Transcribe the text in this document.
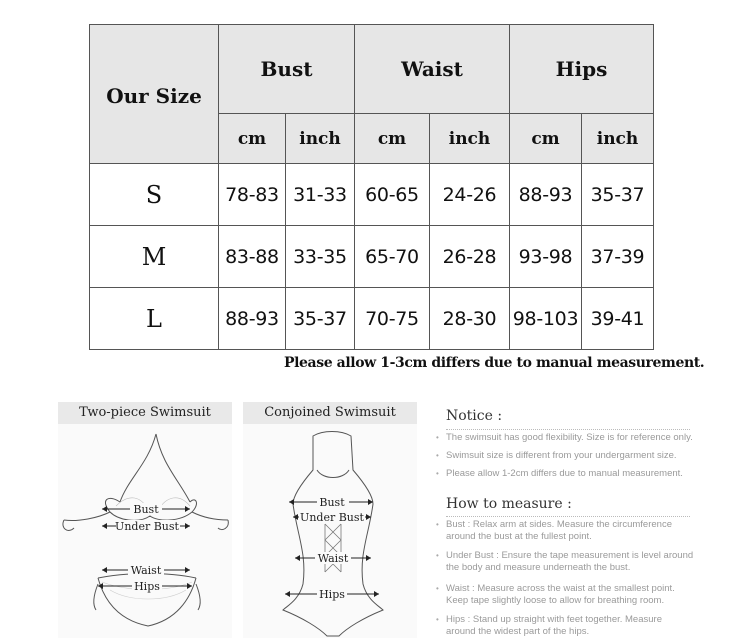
Our Size	Bust		Waist		Hips	
	cm	inch	cm	inch	cm	inch
S	78-83	31-33	60-65	24-26	88-93	35-37
M	83-88	33-35	65-70	26-28	93-98	37-39
L	88-93	35-37	70-75	28-30	98-103	39-41
Please allow 1-3cm differs due to manual measurement.
Two-piece Swimsuit
Bust
Under Bust
Waist
Hips
Conjoined Swimsuit
Bust
Under Bust
Waist
Hips
Notice :
• The swimsuit has good flexibility. Size is for reference only.
• Swimsuit size is different from your undergarment size.
• Please allow 1-2cm differs due to manual measurement.
How to measure :
• Bust : Relax arm at sides. Measure the circumference around the bust at the fullest point.
• Under Bust : Ensure the tape measurement is level around the body and measure underneath the bust.
• Waist : Measure across the waist at the smallest point. Keep tape slightly loose to allow for breathing room.
• Hips : Stand up straight with feet together. Measure around the widest part of the hips.
